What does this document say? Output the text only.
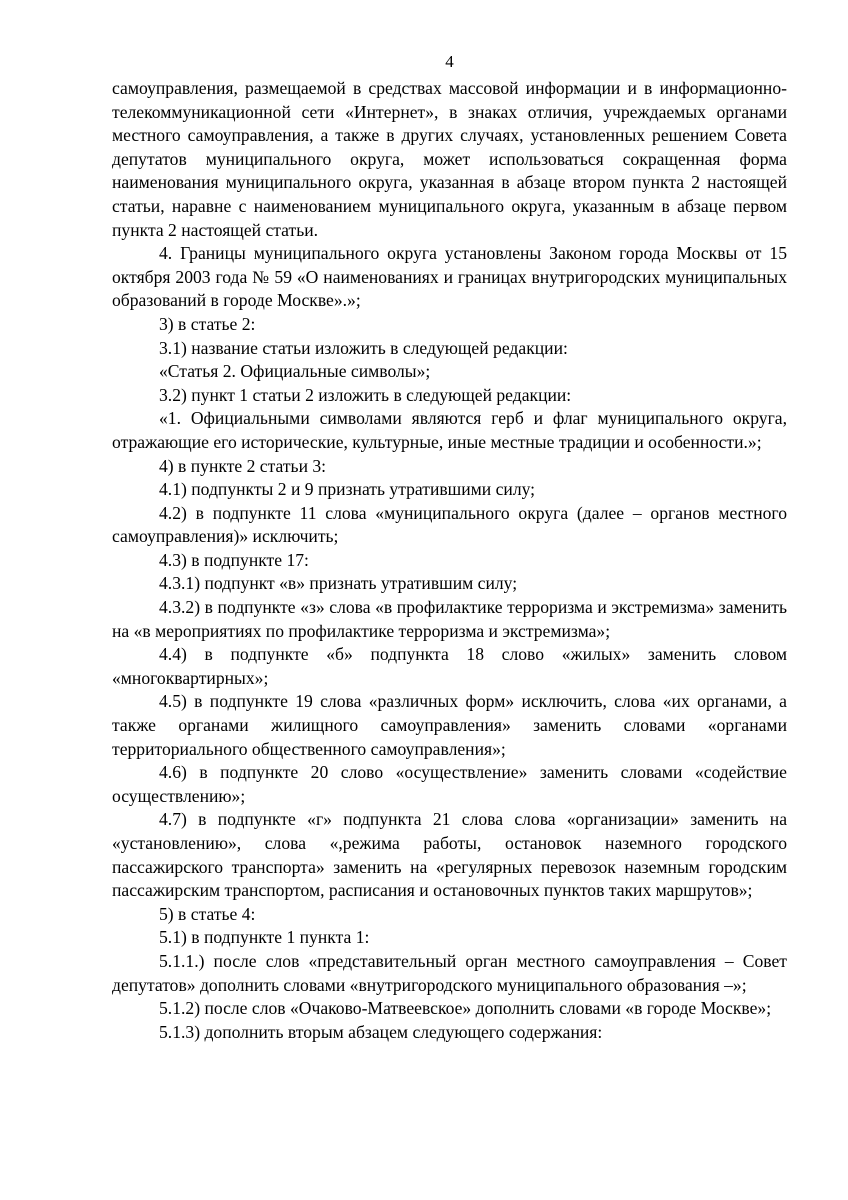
4

самоуправления, размещаемой в средствах массовой информации и в информационно-телекоммуникационной сети «Интернет», в знаках отличия, учреждаемых органами местного самоуправления, а также в других случаях, установленных решением Совета депутатов муниципального округа, может использоваться сокращенная форма наименования муниципального округа, указанная в абзаце втором пункта 2 настоящей статьи, наравне с наименованием муниципального округа, указанным в абзаце первом пункта 2 настоящей статьи.

4. Границы муниципального округа установлены Законом города Москвы от 15 октября 2003 года № 59 «О наименованиях и границах внутригородских муниципальных образований в городе Москве».»;

3) в статье 2:

3.1) название статьи изложить в следующей редакции:

«Статья 2. Официальные символы»;

3.2) пункт 1 статьи 2 изложить в следующей редакции:

«1. Официальными символами являются герб и флаг муниципального округа, отражающие его исторические, культурные, иные местные традиции и особенности.»;

4) в пункте 2 статьи 3:

4.1) подпункты 2 и 9 признать утратившими силу;

4.2) в подпункте 11 слова «муниципального округа (далее – органов местного самоуправления)» исключить;

4.3) в подпункте 17:

4.3.1) подпункт «в» признать утратившим силу;

4.3.2) в подпункте «з» слова «в профилактике терроризма и экстремизма» заменить на «в мероприятиях по профилактике терроризма и экстремизма»;

4.4) в подпункте «б» подпункта 18 слово «жилых» заменить словом «многоквартирных»;

4.5) в подпункте 19 слова «различных форм» исключить, слова «их органами, а также органами жилищного самоуправления» заменить словами «органами территориального общественного самоуправления»;

4.6) в подпункте 20 слово «осуществление» заменить словами «содействие осуществлению»;

4.7) в подпункте «г» подпункта 21 слова слова «организации» заменить на «установлению», слова «,режима работы, остановок наземного городского пассажирского транспорта» заменить на «регулярных перевозок наземным городским пассажирским транспортом, расписания и остановочных пунктов таких маршрутов»;

5) в статье 4:

5.1) в подпункте 1 пункта 1:

5.1.1.) после слов «представительный орган местного самоуправления – Совет депутатов» дополнить словами «внутригородского муниципального образования –»;

5.1.2) после слов «Очаково-Матвеевское» дополнить словами «в городе Москве»;

5.1.3) дополнить вторым абзацем следующего содержания:
